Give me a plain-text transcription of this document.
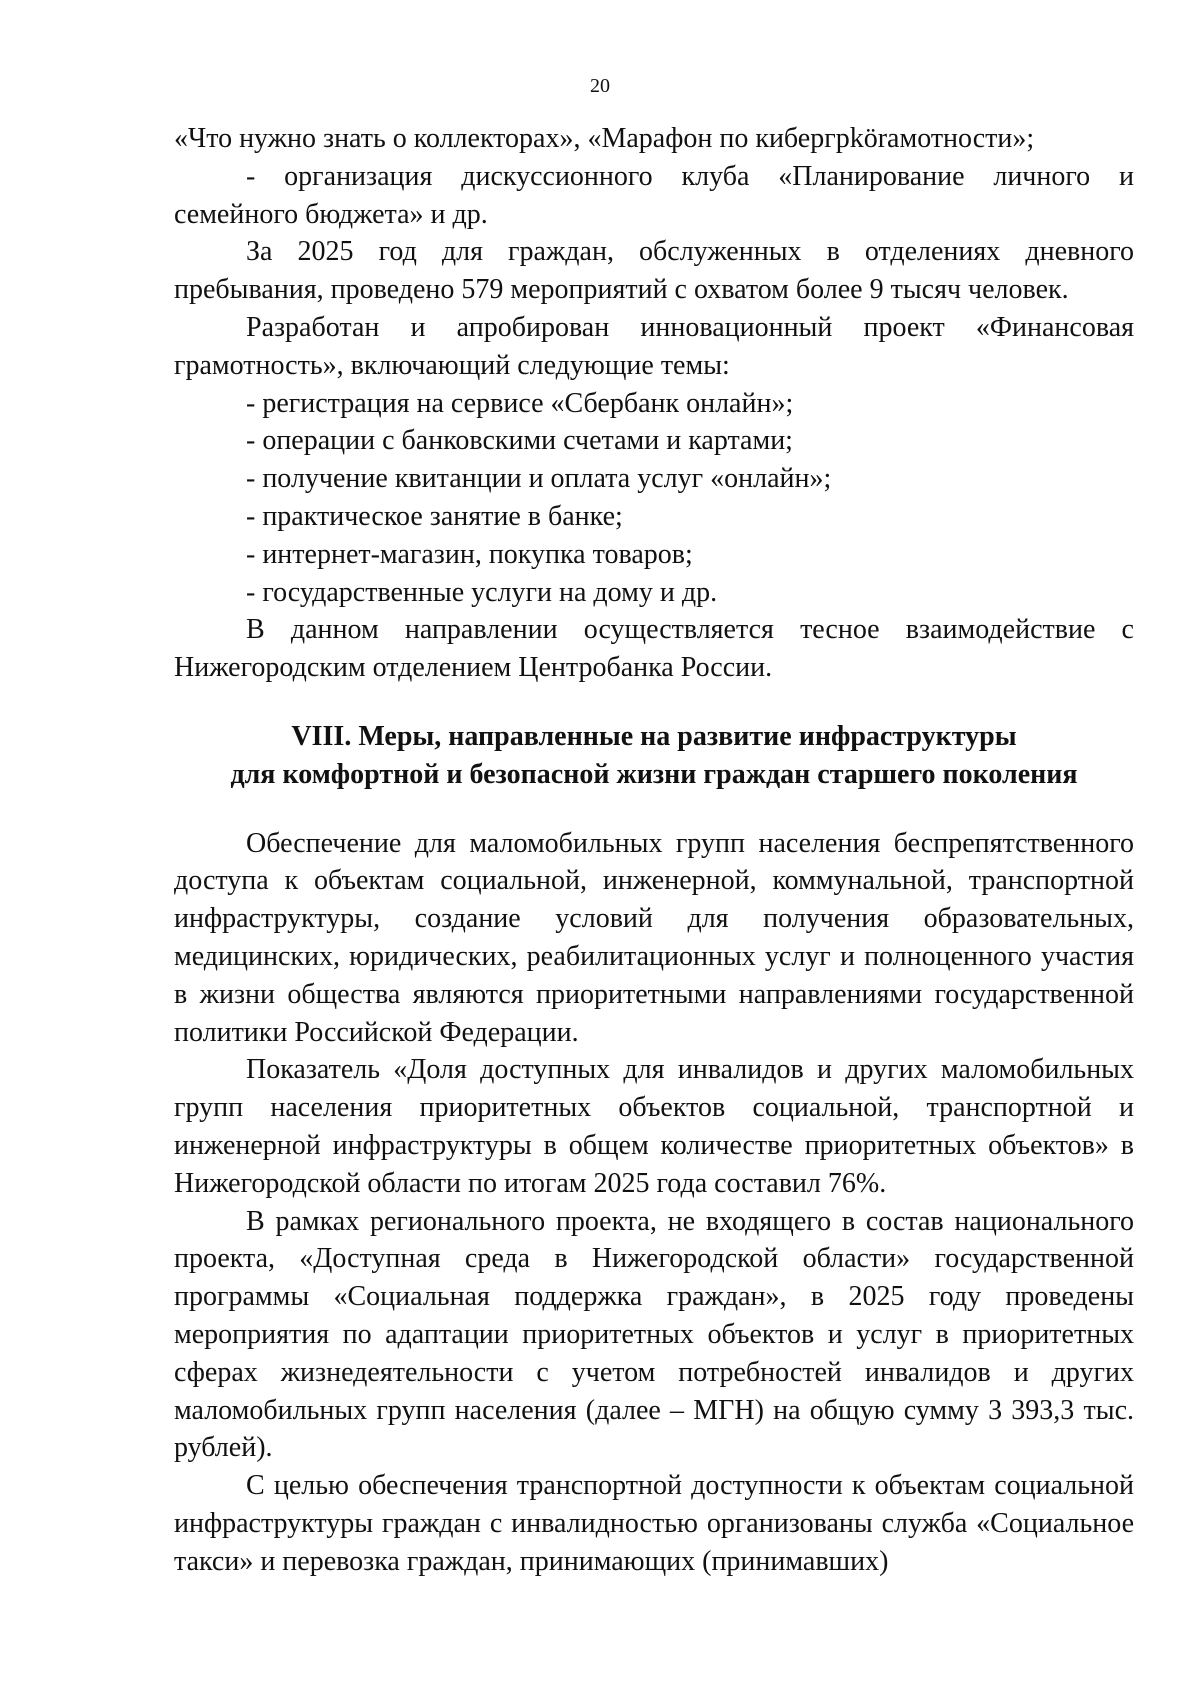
20

«Что нужно знать о коллекторах», «Марафон по кибергрkörамотности»;

- организация дискуссионного клуба «Планирование личного и семейного бюджета» и др.

За 2025 год для граждан, обслуженных в отделениях дневного пребывания, проведено 579 мероприятий с охватом более 9 тысяч человек.

Разработан и апробирован инновационный проект «Финансовая грамотность», включающий следующие темы:

- регистрация на сервисе «Сбербанк онлайн»;

- операции с банковскими счетами и картами;

- получение квитанции и оплата услуг «онлайн»;

- практическое занятие в банке;

- интернет-магазин, покупка товаров;

- государственные услуги на дому и др.

В данном направлении осуществляется тесное взаимодействие с Нижегородским отделением Центробанка России.

VIII. Меры, направленные на развитие инфраструктуры

для комфортной и безопасной жизни граждан старшего поколения

Обеспечение для маломобильных групп населения беспрепятственного доступа к объектам социальной, инженерной, коммунальной, транспортной инфраструктуры, создание условий для получения образовательных, медицинских, юридических, реабилитационных услуг и полноценного участия в жизни общества являются приоритетными направлениями государственной политики Российской Федерации.

Показатель «Доля доступных для инвалидов и других маломобильных групп населения приоритетных объектов социальной, транспортной и инженерной инфраструктуры в общем количестве приоритетных объектов» в Нижегородской области по итогам 2025 года составил 76%.

В рамках регионального проекта, не входящего в состав национального проекта, «Доступная среда в Нижегородской области» государственной программы «Социальная поддержка граждан», в 2025 году проведены мероприятия по адаптации приоритетных объектов и услуг в приоритетных сферах жизнедеятельности с учетом потребностей инвалидов и других маломобильных групп населения (далее – МГН) на общую сумму 3 393,3 тыс. рублей).

С целью обеспечения транспортной доступности к объектам социальной инфраструктуры граждан с инвалидностью организованы служба «Социальное такси» и перевозка граждан, принимающих (принимавших)
